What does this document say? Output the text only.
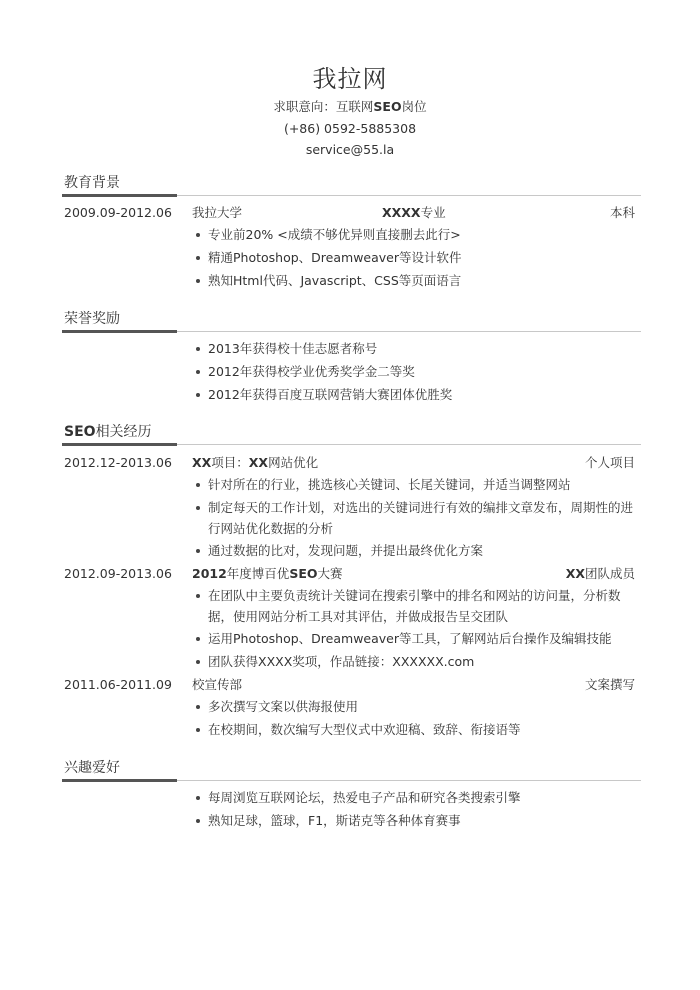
我拉网
求职意向：互联网SEO岗位
(+86) 0592-5885308
service@55.la
教育背景
2009.09-2012.06 我拉大学	XXXX专业	本科
专业前20% <成绩不够优异则直接删去此行>
精通Photoshop、Dreamweaver等设计软件
熟知Html代码、Javascript、CSS等页面语言
荣誉奖励
2013年获得校十佳志愿者称号
2012年获得校学业优秀奖学金二等奖
2012年获得百度互联网营销大赛团体优胜奖
SEO相关经历
2012.12-2013.06 XX项目：XX网站优化	个人项目
针对所在的行业，挑选核心关键词、长尾关键词，并适当调整网站
制定每天的工作计划，对选出的关键词进行有效的编排文章发布，周期性的进行网站优化数据的分析
通过数据的比对，发现问题，并提出最终优化方案
2012.09-2013.06 2012年度博百优SEO大赛	XX团队成员
在团队中主要负责统计关键词在搜索引擎中的排名和网站的访问量，分析数据，使用网站分析工具对其评估，并做成报告呈交团队
运用Photoshop、Dreamweaver等工具，了解网站后台操作及编辑技能
团队获得XXXX奖项，作品链接：XXXXXX.com
2011.06-2011.09 校宣传部	文案撰写
多次撰写文案以供海报使用
在校期间，数次编写大型仪式中欢迎稿、致辞、衔接语等
兴趣爱好
每周浏览互联网论坛，热爱电子产品和研究各类搜索引擎
熟知足球，篮球，F1，斯诺克等各种体育赛事
